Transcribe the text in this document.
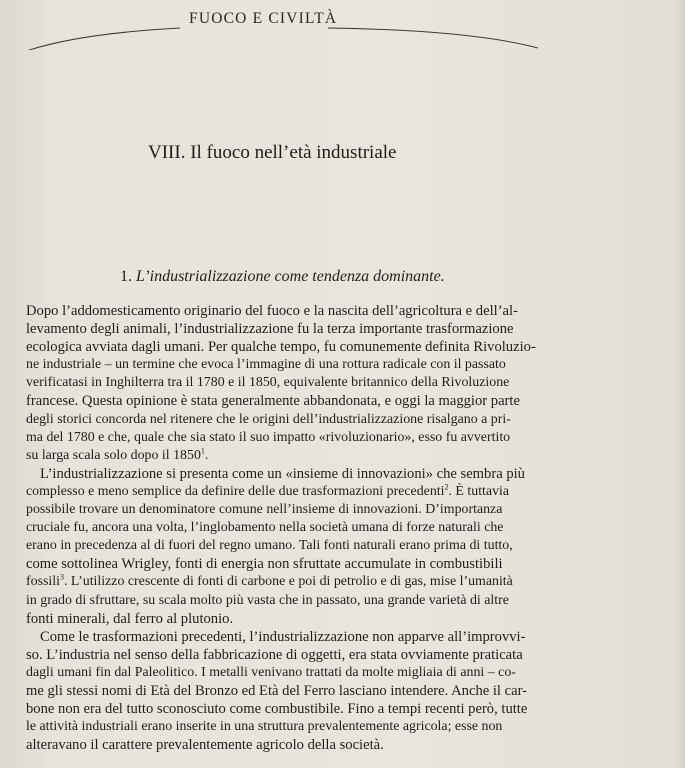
FUOCO E CIVILTÀ
VIII. Il fuoco nell’età industriale
1. L’industrializzazione come tendenza dominante.
Dopo l’addomesticamento originario del fuoco e la nascita dell’agricoltura e dell’al-
levamento degli animali, l’industrializzazione fu la terza importante trasformazione
ecologica avviata dagli umani. Per qualche tempo, fu comunemente definita Rivoluzio-
ne industriale – un termine che evoca l’immagine di una rottura radicale con il passato
verificatasi in Inghilterra tra il 1780 e il 1850, equivalente britannico della Rivoluzione
francese. Questa opinione è stata generalmente abbandonata, e oggi la maggior parte
degli storici concorda nel ritenere che le origini dell’industrializzazione risalgano a pri-
ma del 1780 e che, quale che sia stato il suo impatto «rivoluzionario», esso fu avvertito
su larga scala solo dopo il 1850$^1$.
L’industrializzazione si presenta come un «insieme di innovazioni» che sembra più
complesso e meno semplice da definire delle due trasformazioni precedenti$^2$. È tuttavia
possibile trovare un denominatore comune nell’insieme di innovazioni. D’importanza
cruciale fu, ancora una volta, l’inglobamento nella società umana di forze naturali che
erano in precedenza al di fuori del regno umano. Tali fonti naturali erano prima di tutto,
come sottolinea Wrigley, fonti di energia non sfruttate accumulate in combustibili
fossili$^3$. L’utilizzo crescente di fonti di carbone e poi di petrolio e di gas, mise l’umanità
in grado di sfruttare, su scala molto più vasta che in passato, una grande varietà di altre
fonti minerali, dal ferro al plutonio.
Come le trasformazioni precedenti, l’industrializzazione non apparve all’improvvi-
so. L’industria nel senso della fabbricazione di oggetti, era stata ovviamente praticata
dagli umani fin dal Paleolitico. I metalli venivano trattati da molte migliaia di anni – co-
me gli stessi nomi di Età del Bronzo ed Età del Ferro lasciano intendere. Anche il car-
bone non era del tutto sconosciuto come combustibile. Fino a tempi recenti però, tutte
le attività industriali erano inserite in una struttura prevalentemente agricola; esse non
alteravano il carattere prevalentemente agricolo della società.
